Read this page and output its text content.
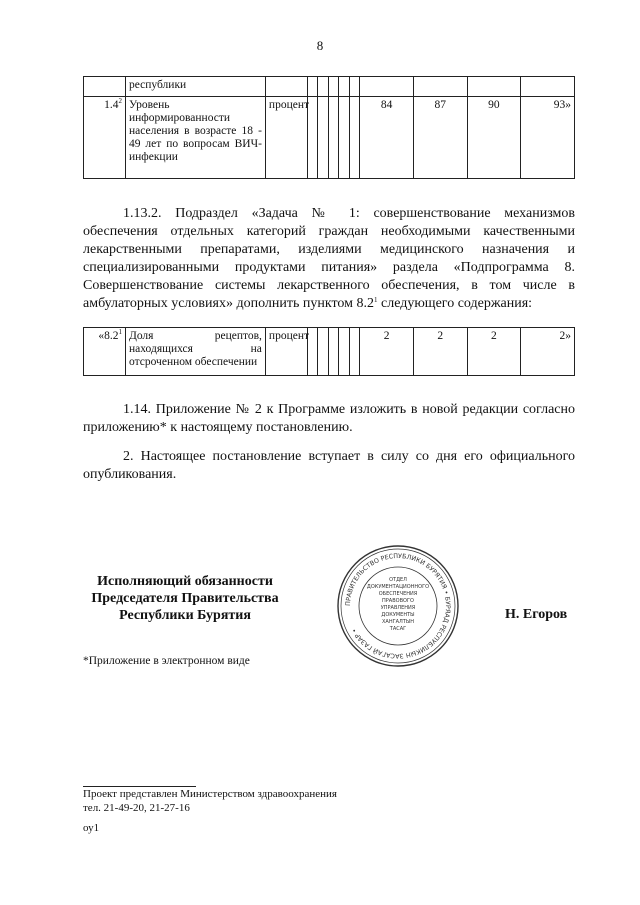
8
	республики										
$1.4^2$	Уровень информированности населения в возрасте 18 - 49 лет по вопросам ВИЧ-инфекции	процент						84	87	90	93»
1.13.2. Подраздел «Задача № 1: совершенствование механизмов обеспечения отдельных категорий граждан необходимыми качественными лекарственными препаратами, изделиями медицинского назначения и специализированными продуктами питания» раздела «Подпрограмма 8. Совершенствование системы лекарственного обеспечения, в том числе в амбулаторных условиях» дополнить пунктом $8.2^1$ следующего содержания:
«$8.2^1$	Доля рецептов, находящихся на отсроченном обеспечении	процент						2	2	2	2»
1.14. Приложение № 2 к Программе изложить в новой редакции согласно приложению* к настоящему постановлению.
2. Настоящее постановление вступает в силу со дня его официального опубликования.
Исполняющий обязанности
Председателя Правительства
Республики Бурятия
ПРАВИТЕЛЬСТВО РЕСПУБЛИКИ БУРЯТИЯ • БУРЯАД РЕСПУБЛИКЫН ЗАСАГАЙ ГАЗАР •
ОТДЕЛ
ДОКУМЕНТАЦИОННОГО
ОБЕСПЕЧЕНИЯ
ПРАВОВОГО
УПРАВЛЕНИЯ
ДОКУМЕНТЫ
ХАНГАЛТЫН
ТАСАГ
Н. Егоров
*Приложение в электронном виде
Проект представлен Министерством здравоохранения
тел. 21-49-20, 21-27-16
оу1
